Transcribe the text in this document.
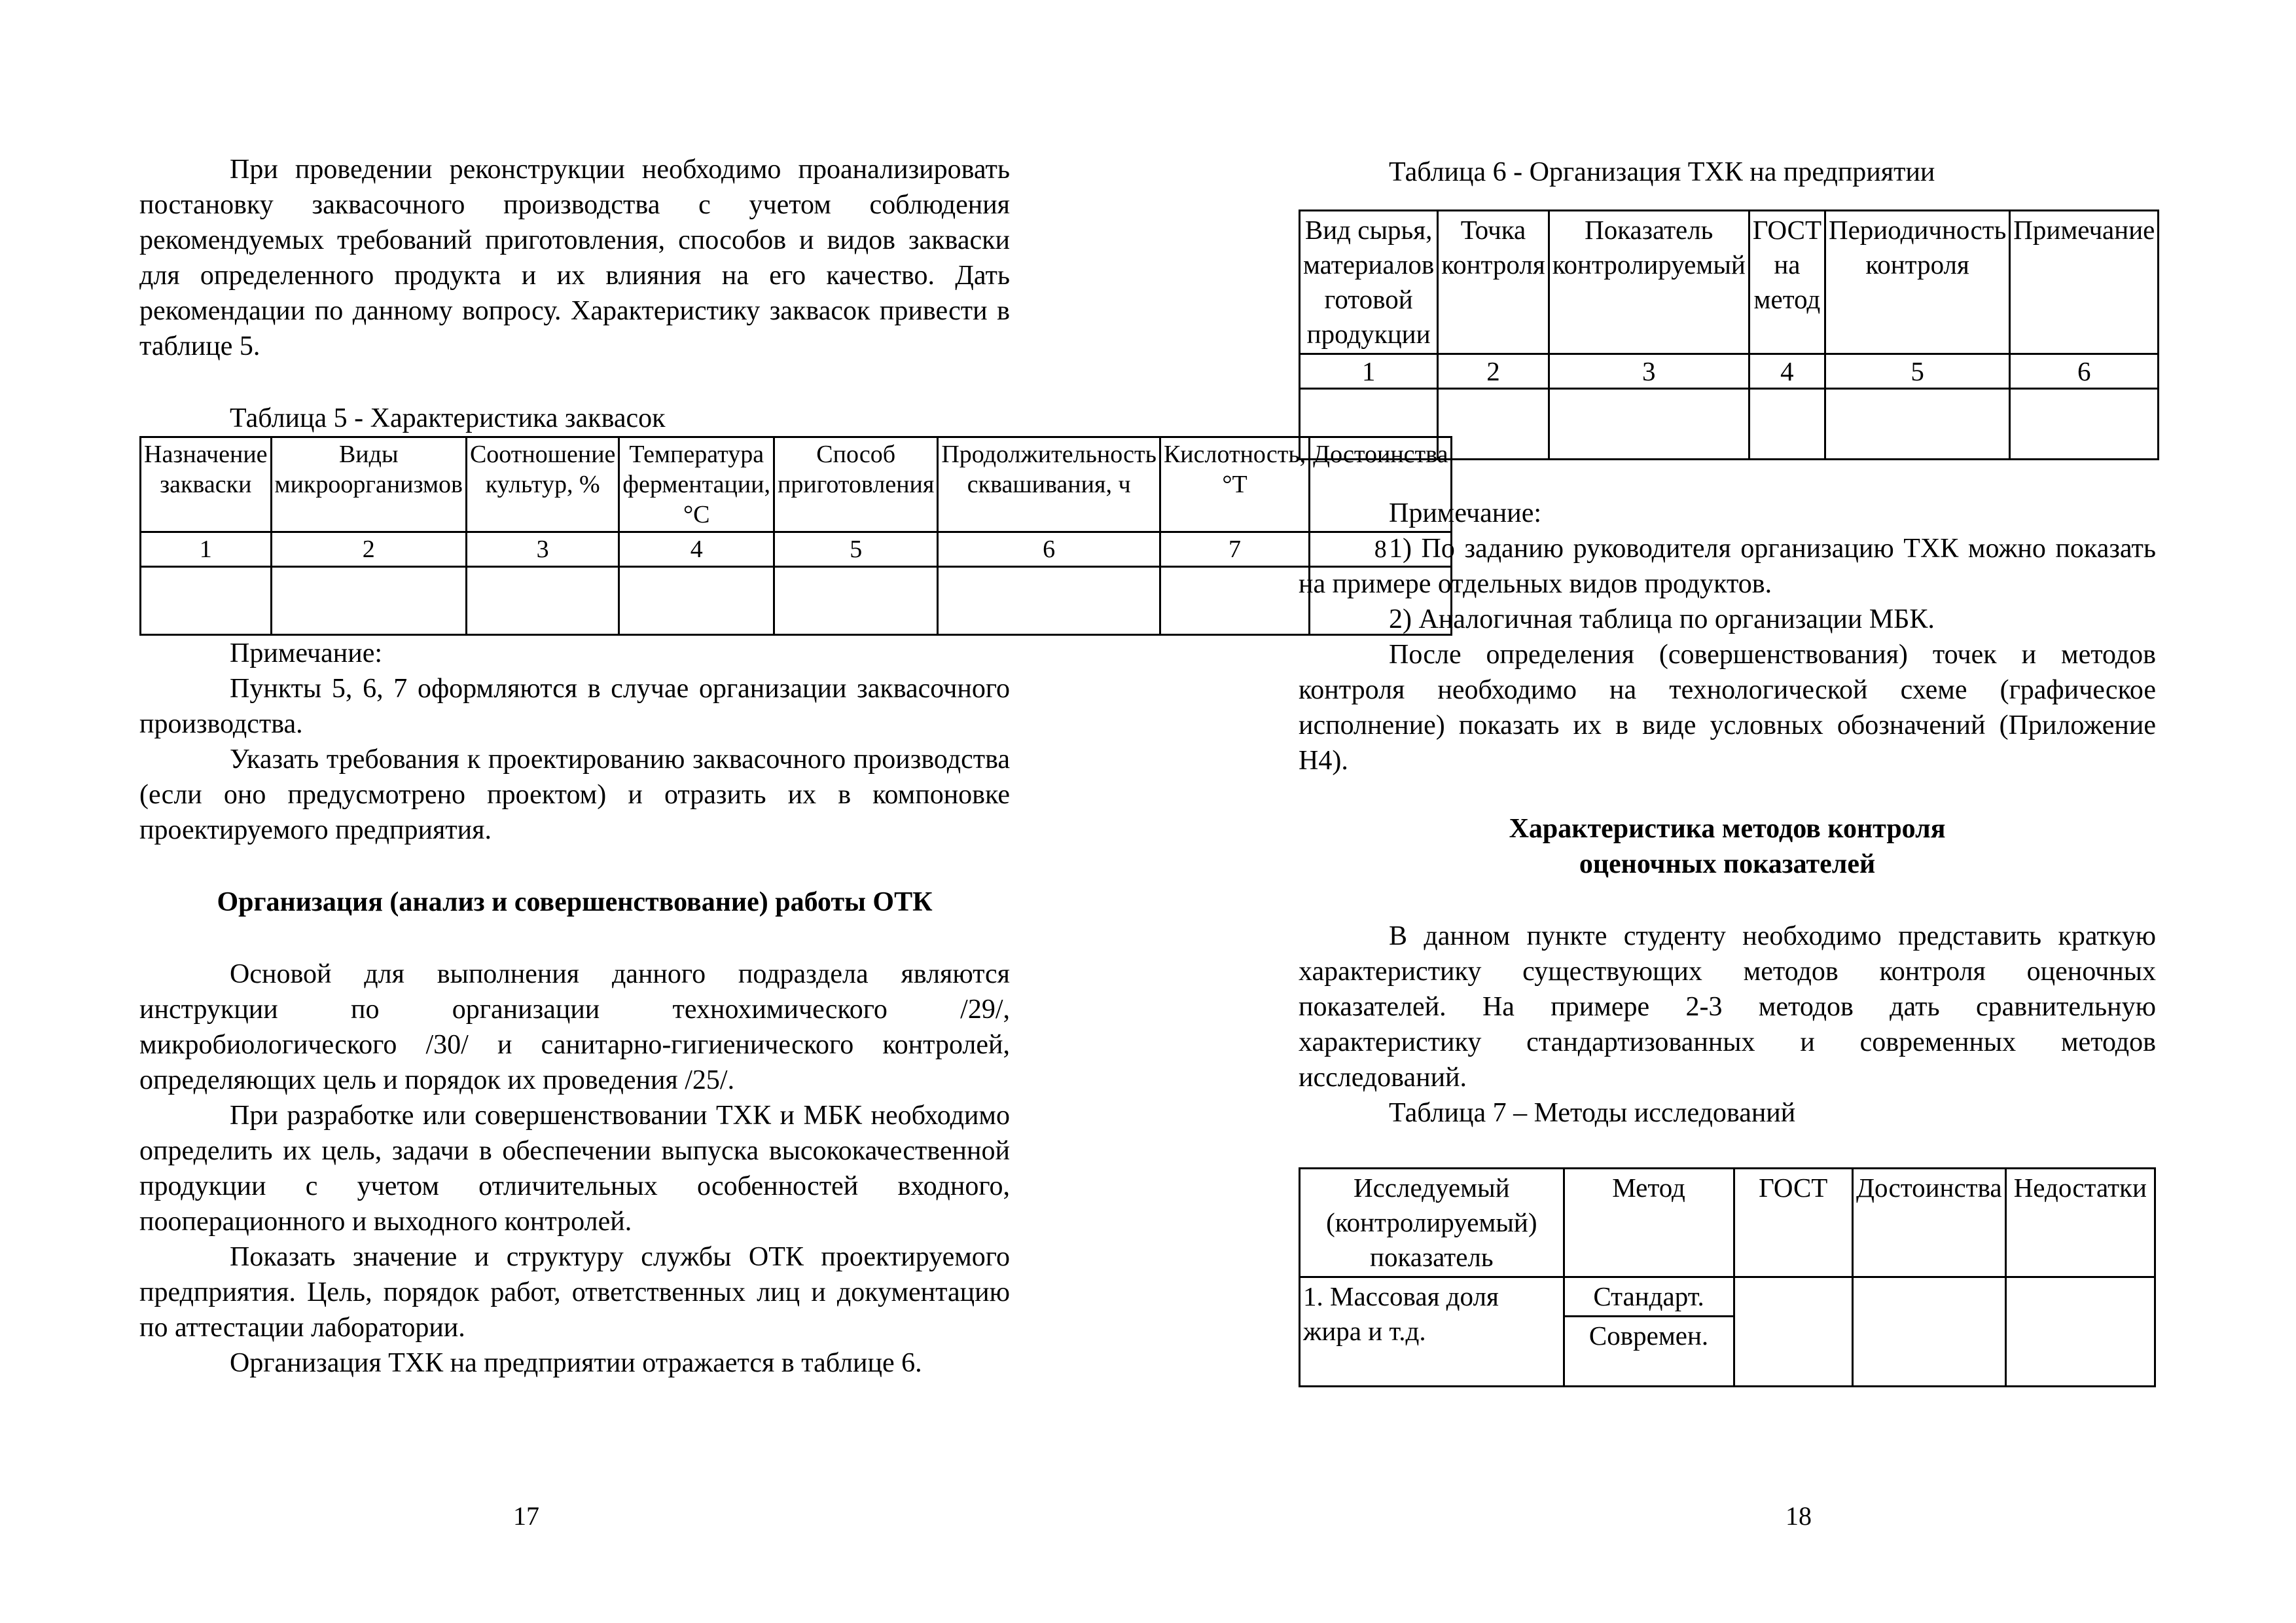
При проведении реконструкции необходимо проанализировать постановку заквасочного производства с учетом соблюдения рекомендуемых требований приготовления, способов и видов закваски для определенного продукта и их влияния на его качество. Дать рекомендации по данному вопросу. Характеристику заквасок привести в таблице 5.

Таблица 5 - Характеристика заквасок
Назначение закваски	Виды микроорганизмов	Соотношение культур, %	Температура ферментации, °С	Способ приготовления	Продолжительность сквашивания, ч	Кислотность, °Т	Достоинства
1	2	3	4	5	6	7	8

Примечание:

Пункты 5, 6, 7 оформляются в случае организации заквасочного производства.

Указать требования к проектированию заквасочного производства (если оно предусмотрено проектом) и отразить их в компоновке проектируемого предприятия.

Организация (анализ и совершенствование) работы ОТК

Основой для выполнения данного подраздела являются инструкции по организации технохимического /29/, микробиологического /30/ и санитарно-гигиенического контролей, определяющих цель и порядок их проведения /25/.

При разработке или совершенствовании ТХК и МБК необходимо определить их цель, задачи в обеспечении выпуска высококачественной продукции с учетом отличительных особенностей входного, пооперационного и выходного контролей.

Показать значение и структуру службы ОТК проектируемого предприятия. Цель, порядок работ, ответственных лиц и документацию по аттестации лаборатории.

Организация ТХК на предприятии отражается в таблице 6.

17
Таблица 6 - Организация ТХК на предприятии
Вид сырья, материалов готовой продукции	Точка контроля	Показатель контролируемый	ГОСТ на метод	Периодичность контроля	Примечание
1	2	3	4	5	6

Примечание:

1) По заданию руководителя организацию ТХК можно показать на примере отдельных видов продуктов.

2) Аналогичная таблица по организации МБК.

После определения (совершенствования) точек и методов контроля необходимо на технологической схеме (графическое исполнение) показать их в виде условных обозначений (Приложение Н4).

Характеристика методов контроля
оценочных показателей

В данном пункте студенту необходимо представить краткую характеристику существующих методов контроля оценочных показателей. На примере 2-3 методов дать сравнительную характеристику стандартизованных и современных методов исследований.

Таблица 7 – Методы исследований
Исследуемый (контролируемый) показатель	Метод	ГОСТ	Достоинства	Недостатки
1. Массовая доля жира и т.д.	Стандарт.			
	Современ.			
18
